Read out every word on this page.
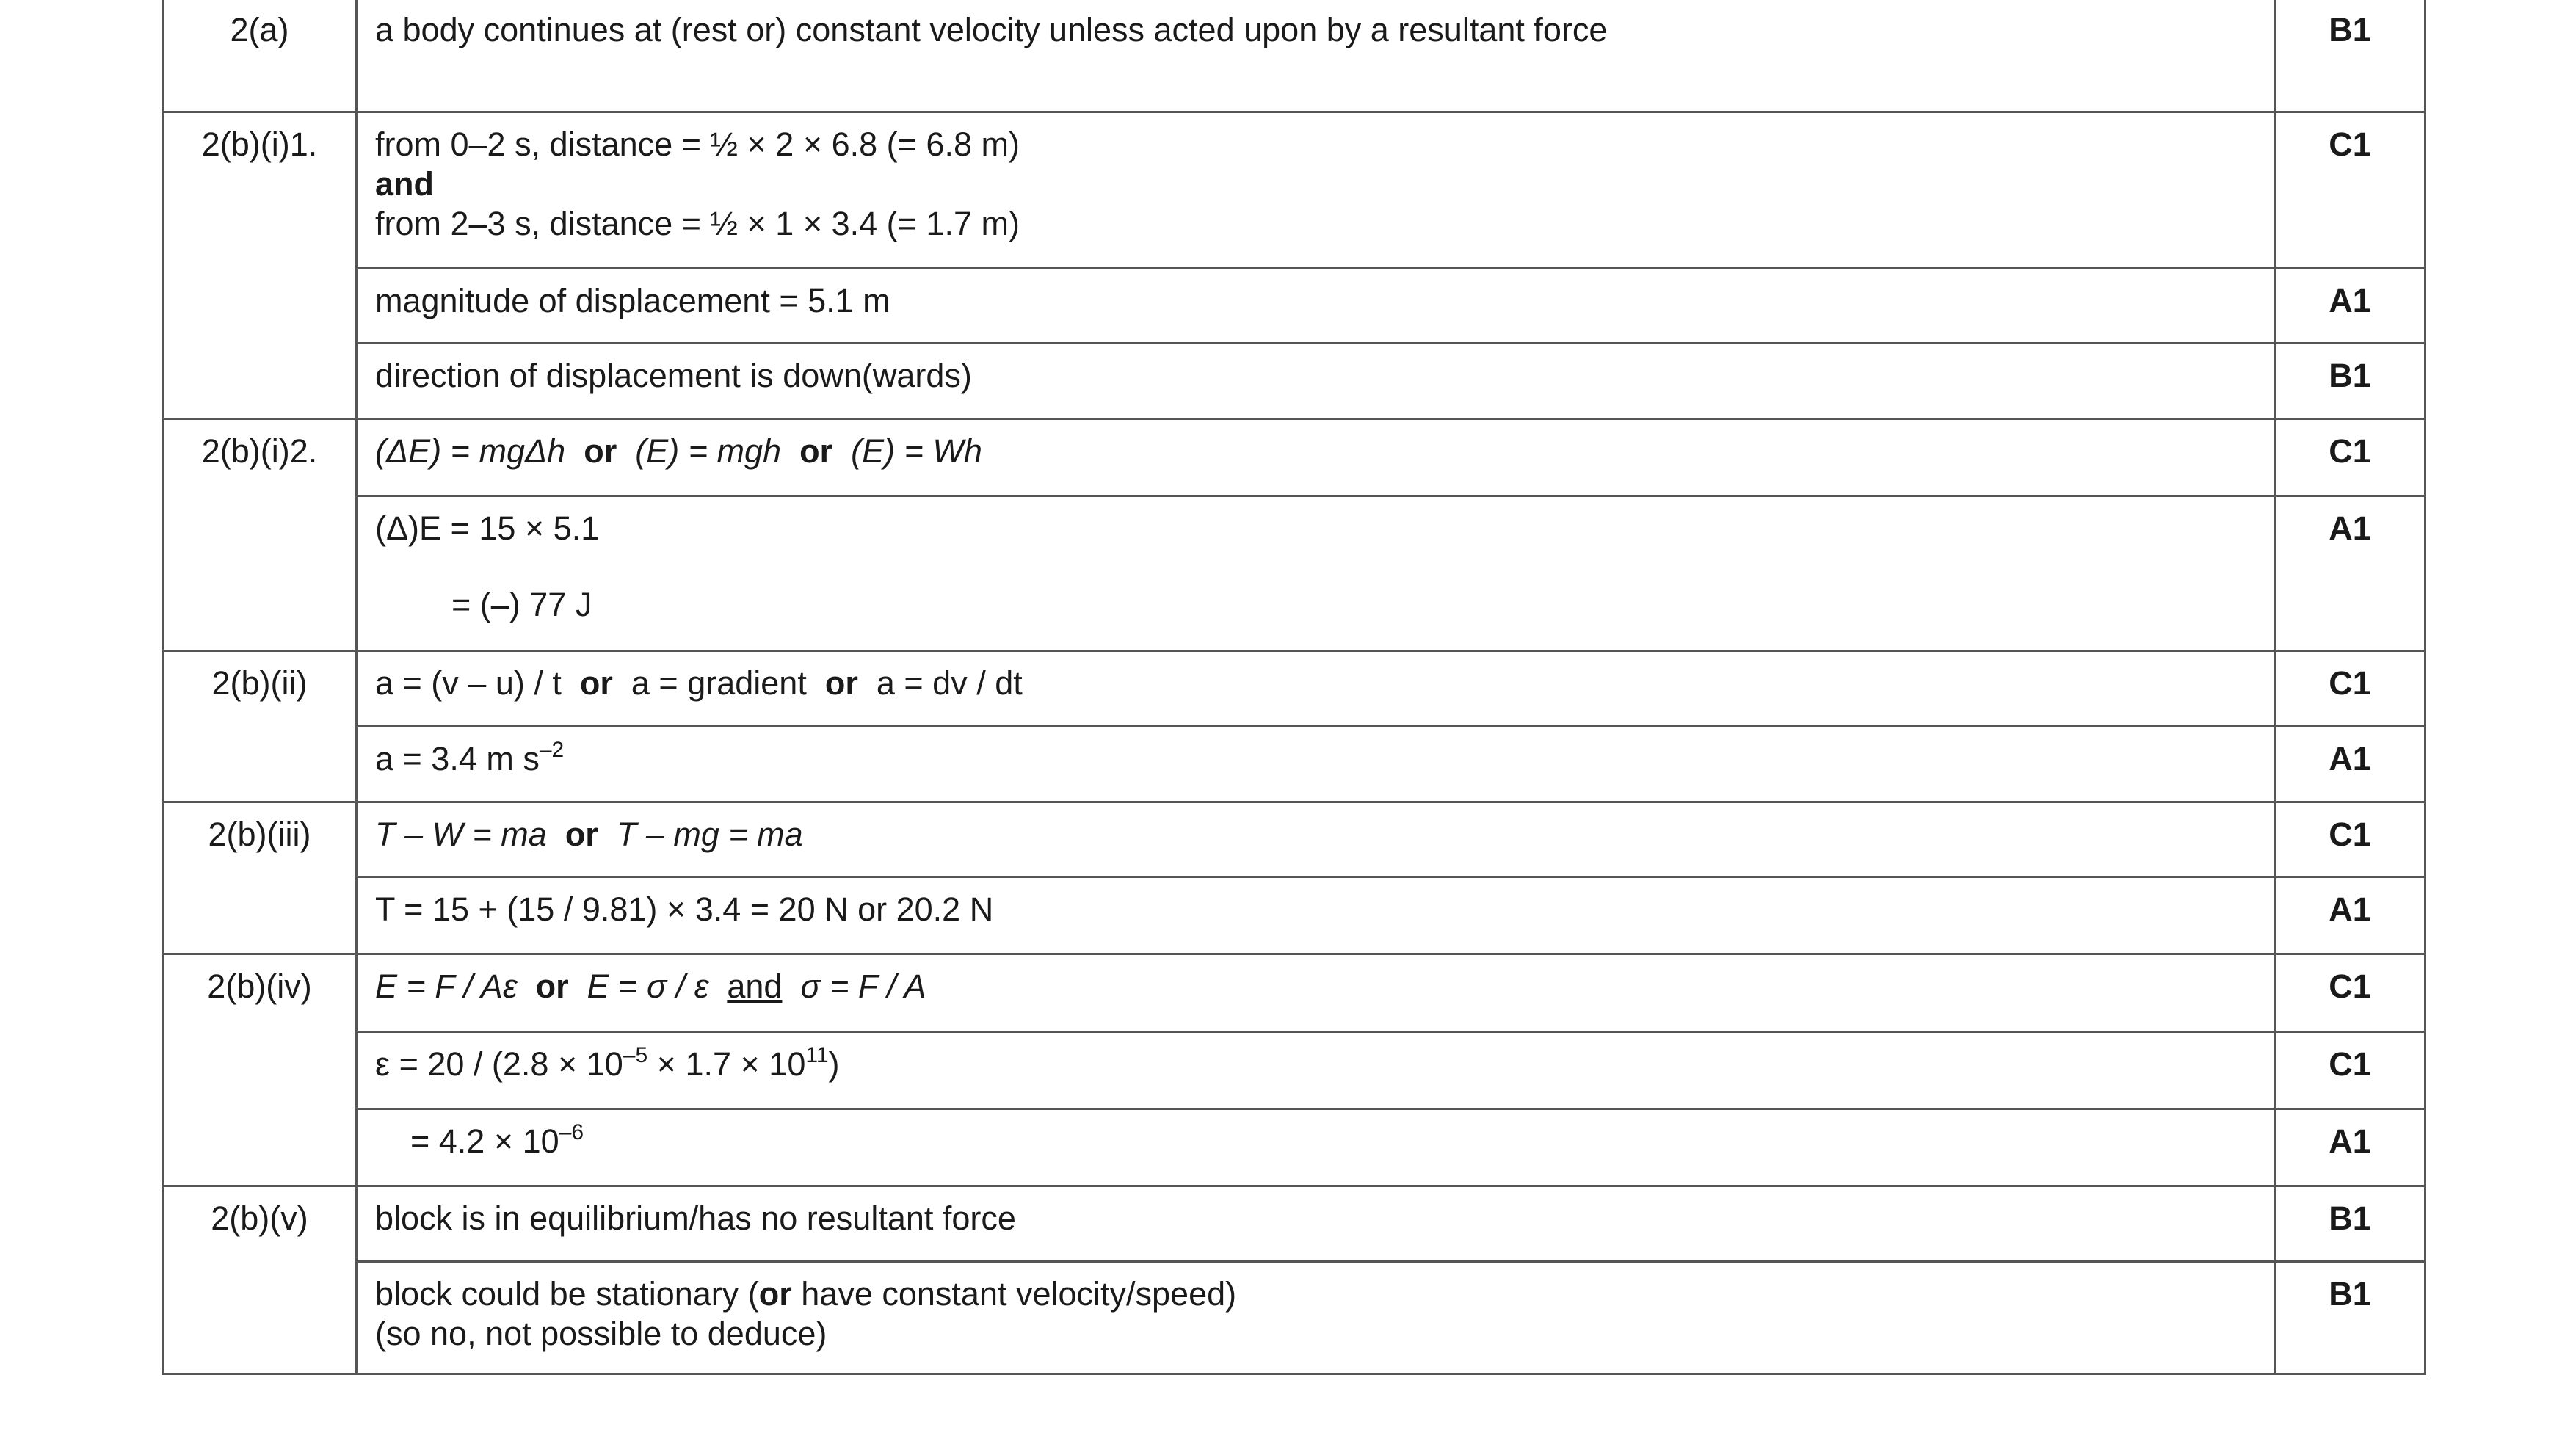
2(a)	a body continues at (rest or) constant velocity unless acted upon by a resultant force	B1
2(b)(i)1.	from 0–2 s, distance = ½ × 2 × 6.8 (= 6.8 m)
and
from 2–3 s, distance = ½ × 1 × 3.4 (= 1.7 m)	C1
	magnitude of displacement = 5.1 m	A1
	direction of displacement is down(wards)	B1
2(b)(i)2.	(ΔE) = mgΔh or (E) = mgh or (E) = Wh	C1

	(Δ)E = 15 × 5.1
= (–) 77 J	A1
2(b)(ii)	a = (v – u) / t or a = gradient or a = dv / dt	C1
	a = 3.4 m $s^{-2}$	A1
2(b)(iii)	T – W = ma or T – mg = ma	C1
	T = 15 + (15 / 9.81) × 3.4 = 20 N or 20.2 N	A1
2(b)(iv)	E = F / Aε or E = σ / ε and σ = F / A	C1
	$\varepsilon = 20 / (2.8 \times 10^{-5} \times 1.7 \times 10^{11})$	C1
	= $4.2 \times 10^{-6}$	A1
2(b)(v)	block is in equilibrium/has no resultant force	B1

	block could be stationary (or have constant velocity/speed)
(so no, not possible to deduce)	B1
